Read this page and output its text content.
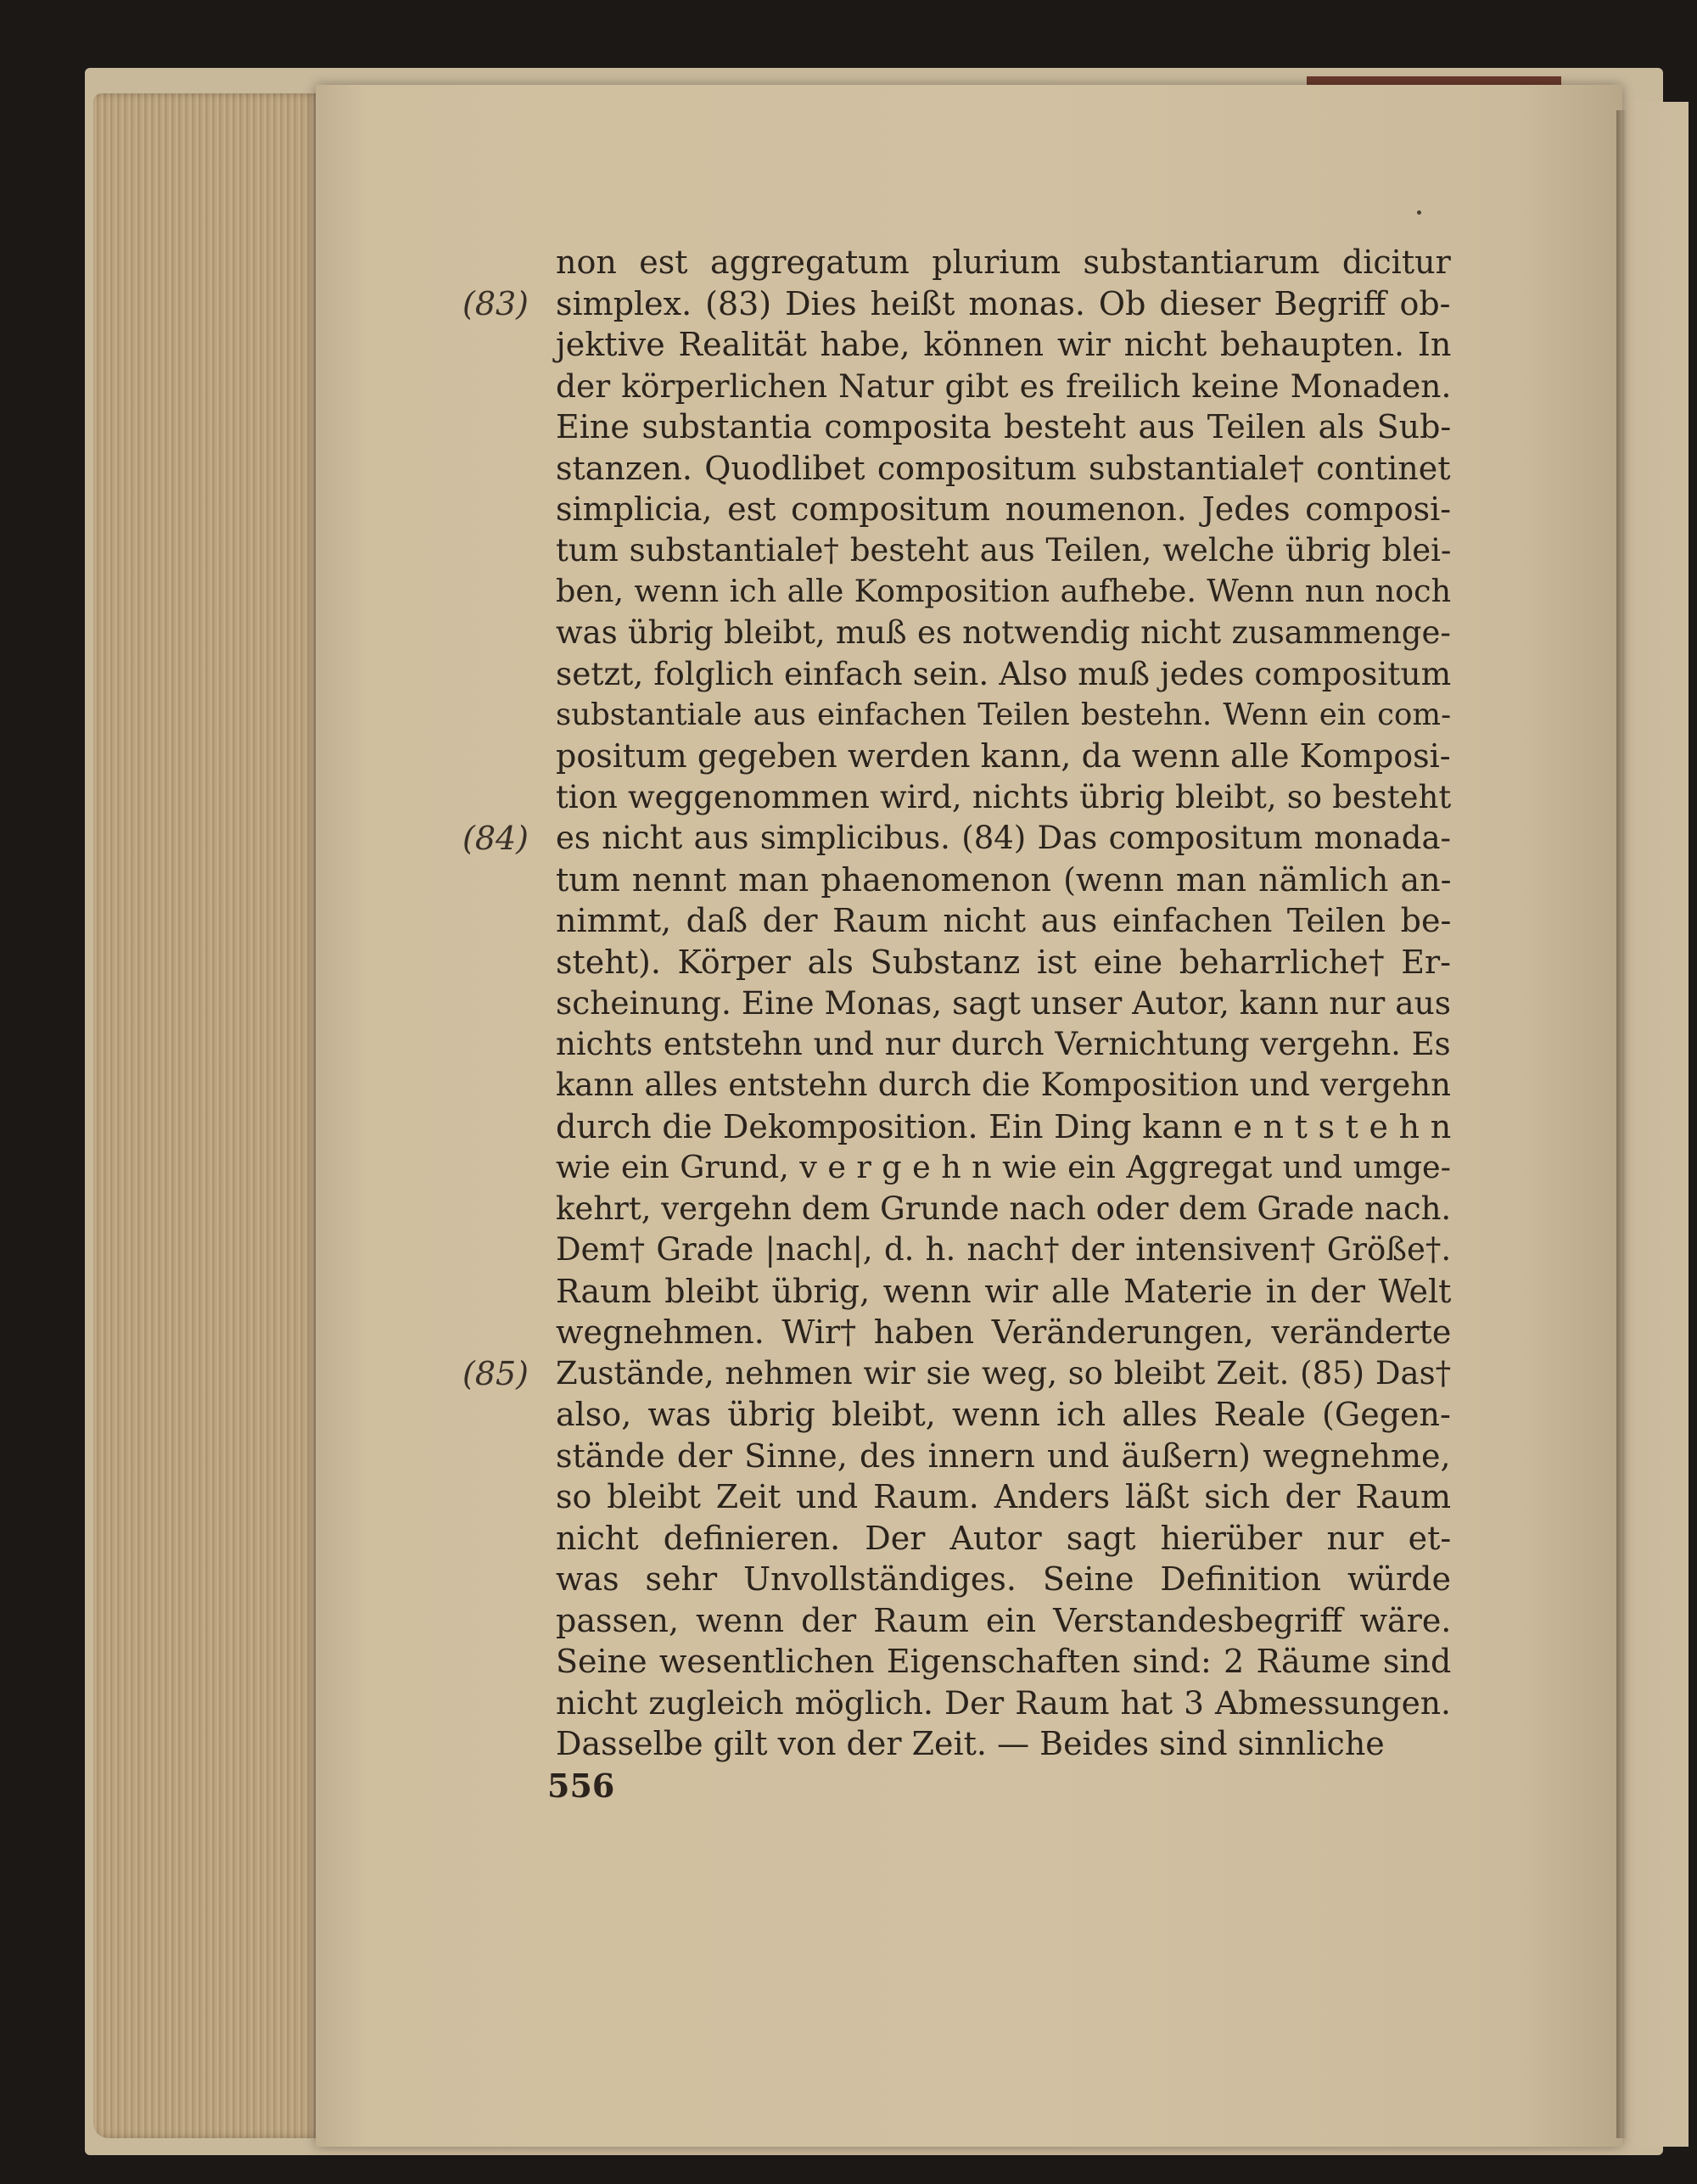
non est aggregatum plurium substantiarum dicitur
(83) simplex. (83) Dies heißt monas. Ob dieser Begriff ob-
jektive Realität habe, können wir nicht behaupten. In
der körperlichen Natur gibt es freilich keine Monaden.
Eine substantia composita besteht aus Teilen als Sub-
stanzen. Quodlibet compositum substantiale† continet
simplicia, est compositum noumenon. Jedes composi-
tum substantiale† besteht aus Teilen, welche übrig blei-
ben, wenn ich alle Komposition aufhebe. Wenn nun noch
was übrig bleibt, muß es notwendig nicht zusammenge-
setzt, folglich einfach sein. Also muß jedes compositum
substantiale aus einfachen Teilen bestehn. Wenn ein com-
positum gegeben werden kann, da wenn alle Komposi-
tion weggenommen wird, nichts übrig bleibt, so besteht
(84) es nicht aus simplicibus. (84) Das compositum monada-
tum nennt man phaenomenon (wenn man nämlich an-
nimmt, daß der Raum nicht aus einfachen Teilen be-
steht). Körper als Substanz ist eine beharrliche† Er-
scheinung. Eine Monas, sagt unser Autor, kann nur aus
nichts entstehn und nur durch Vernichtung vergehn. Es
kann alles entstehn durch die Komposition und vergehn
durch die Dekomposition. Ein Ding kann e n t s t e h n
wie ein Grund, v e r g e h n wie ein Aggregat und umge-
kehrt, vergehn dem Grunde nach oder dem Grade nach.
Dem† Grade |nach|, d. h. nach† der intensiven† Größe†.
Raum bleibt übrig, wenn wir alle Materie in der Welt
wegnehmen. Wir† haben Veränderungen, veränderte
(85) Zustände, nehmen wir sie weg, so bleibt Zeit. (85) Das†
also, was übrig bleibt, wenn ich alles Reale (Gegen-
stände der Sinne, des innern und äußern) wegnehme,
so bleibt Zeit und Raum. Anders läßt sich der Raum
nicht definieren. Der Autor sagt hierüber nur et-
was sehr Unvollständiges. Seine Definition würde
passen, wenn der Raum ein Verstandesbegriff wäre.
Seine wesentlichen Eigenschaften sind: 2 Räume sind
nicht zugleich möglich. Der Raum hat 3 Abmessungen.
Dasselbe gilt von der Zeit. — Beides sind sinnliche
556
